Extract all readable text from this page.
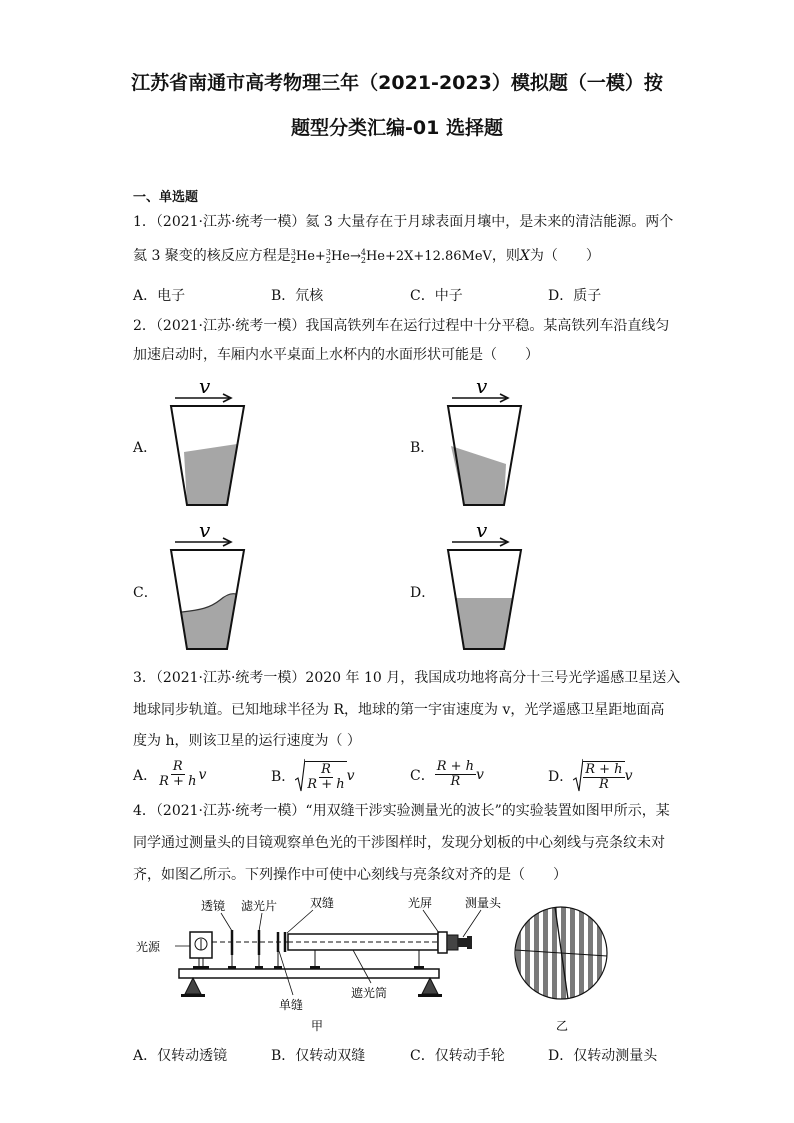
江苏省南通市高考物理三年（2021-2023）模拟题（一模）按
题型分类汇编-01 选择题
一、单选题
1．（2021·江苏·统考一模）氦 3 大量存在于月球表面月壤中，是未来的清洁能源。两个
氦 3 聚变的核反应方程是 3
2 He+ 3
2 He→ 4
2 He+2X+12.86MeV，则X为（　　）
A．电子	B．氘核	C．中子	D．质子
2．（2021·江苏·统考一模）我国高铁列车在运行过程中十分平稳。某高铁列车沿直线匀
加速启动时，车厢内水平桌面上水杯内的水面形状可能是（　　）
A．	B．
C．	D．
v	v
v	v
3．（2021·江苏·统考一模）2020 年 10 月，我国成功地将高分十三号光学遥感卫星送入
地球同步轨道。已知地球半径为 R，地球的第一宇宙速度为 v，光学遥感卫星距地面高
度为 h，则该卫星的运行速度为（ ）
A． $\frac{R}{R + h}$ v	B． $\frac{R}{R + h}$ v	C． $\frac{R + h}{R}$ v	D． $\frac{R + h}{R}$ v
4．（2021·江苏·统考一模）“用双缝干涉实验测量光的波长”的实验装置如图甲所示，某
同学通过测量头的目镜观察单色光的干涉图样时，发现分划板的中心刻线与亮条纹未对
齐，如图乙所示。下列操作中可使中心刻线与亮条纹对齐的是（　　）
透镜 滤光片	双缝	光屏	测量头
光源
单缝
遮光筒
甲	乙
A．仅转动透镜	B．仅转动双缝	C．仅转动手轮	D．仅转动测量头
